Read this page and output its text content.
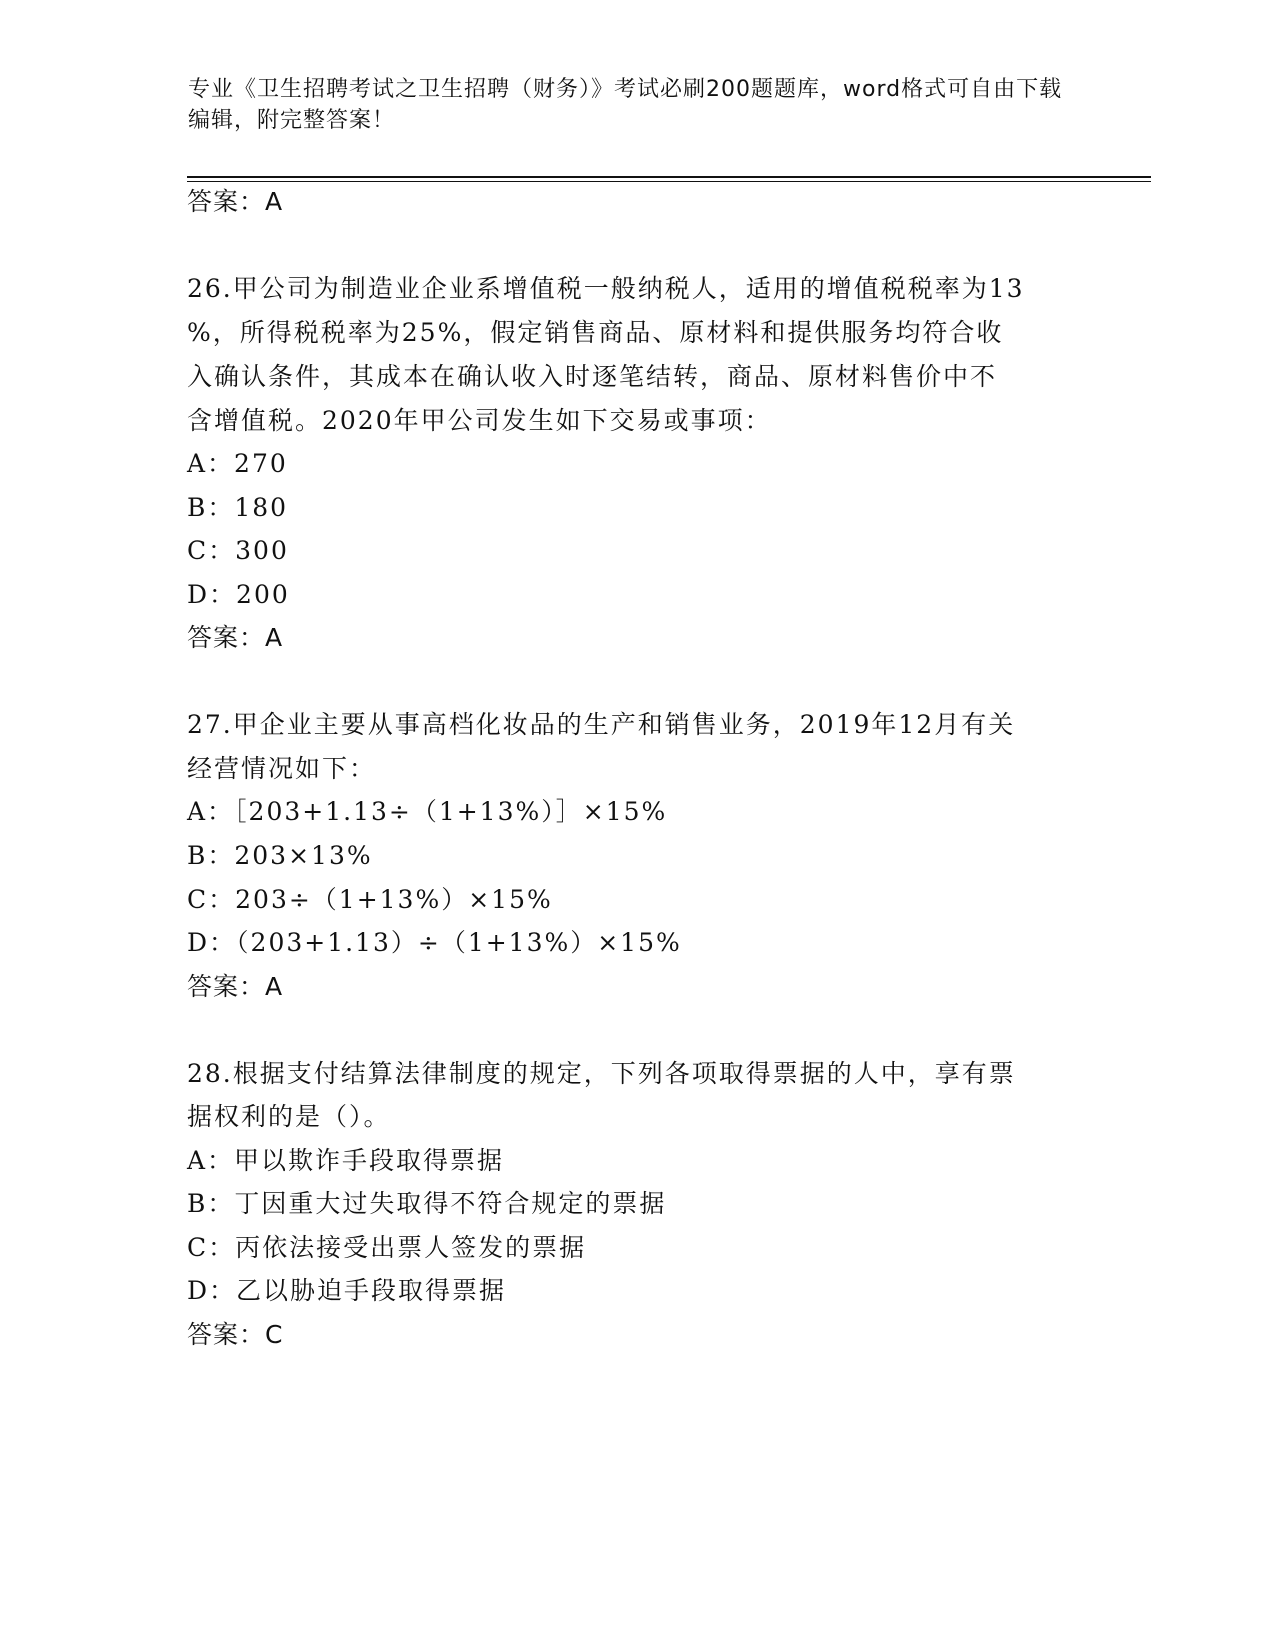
专业《卫生招聘考试之卫生招聘（财务）》考试必刷200题题库，word格式可自由下载编辑，附完整答案！
答案：A
26.甲公司为制造业企业系增值税一般纳税人，适用的增值税税率为13
%，所得税税率为25%，假定销售商品、原材料和提供服务均符合收
入确认条件，其成本在确认收入时逐笔结转，商品、原材料售价中不
含增值税。2020年甲公司发生如下交易或事项：
A：270
B：180
C：300
D：200
答案：A
27.甲企业主要从事高档化妆品的生产和销售业务，2019年12月有关
经营情况如下：
A：［203+1.13÷（1+13%）］×15%
B：203×13%
C：203÷（1+13%）×15%
D：（203+1.13）÷（1+13%）×15%
答案：A
28.根据支付结算法律制度的规定，下列各项取得票据的人中，享有票
据权利的是（）。
A：甲以欺诈手段取得票据
B：丁因重大过失取得不符合规定的票据
C：丙依法接受出票人签发的票据
D：乙以胁迫手段取得票据
答案：C
